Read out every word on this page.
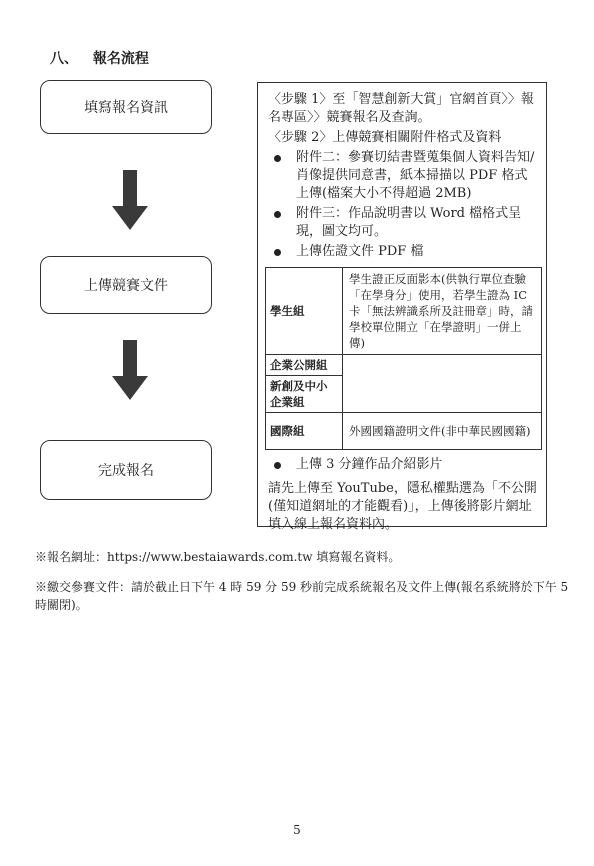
八、 報名流程
填寫報名資訊
上傳競賽文件
完成報名

〈步驟 1〉至「智慧創新大賞」官網首頁〉〉報名專區〉〉競賽報名及查詢。

〈步驟 2〉上傳競賽相關附件格式及資料

附件二：參賽切結書暨蒐集個人資料告知/肖像提供同意書，紙本掃描以 PDF 格式上傳(檔案大小不得超過 2MB)

附件三：作品說明書以 Word 檔格式呈現，圖文均可。

上傳佐證文件 PDF 檔

學生組	學生證正反面影本(供執行單位查驗「在學身分」使用，若學生證為 IC 卡「無法辨識系所及註冊章」時，請學校單位開立「在學證明」一併上傳)
企業公開組	
新創及中小企業組	
國際組	外國國籍證明文件(非中華民國國籍)

上傳 3 分鐘作品介紹影片

請先上傳至 YouTube，隱私權點選為「不公開(僅知道網址的才能觀看)」，上傳後將影片網址填入線上報名資料內。
※報名網址：https://www.bestaiawards.com.tw 填寫報名資料。
※繳交參賽文件：請於截止日下午 4 時 59 分 59 秒前完成系統報名及文件上傳(報名系統將於下午 5 時關閉)。
5
